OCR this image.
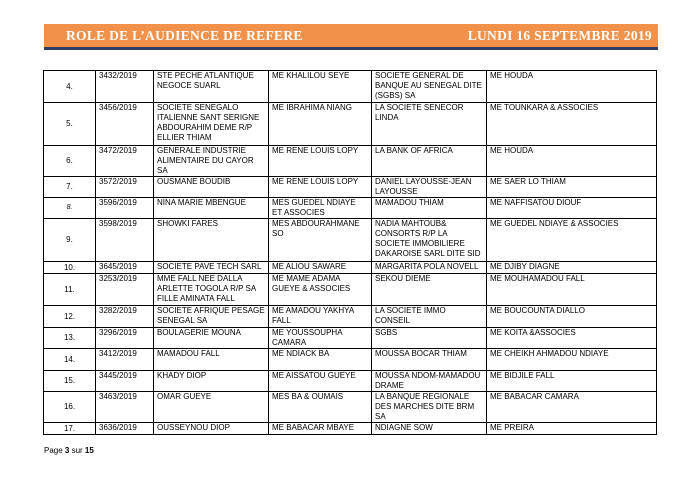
ROLE DE L’AUDIENCE DE REFERE	LUNDI 16 SEPTEMBRE 2019
4.	3432/2019	STE PECHE ATLANTIQUE NEGOCE SUARL	ME KHALILOU SEYE	SOCIETE GENERAL DE BANQUE AU SENEGAL DITE (SGBS) SA	ME HOUDA
5.	3456/2019	SOCIETE SENEGALO ITALIENNE SANT SERIGNE ABDOURAHIM DEME R/P ELLIER THIAM	ME IBRAHIMA NIANG	LA SOCIETE SENECOR LINDA	ME TOUNKARA & ASSOCIES
6.	3472/2019	GENERALE INDUSTRIE ALIMENTAIRE DU CAYOR SA	ME RENE LOUIS LOPY	LA BANK OF AFRICA	ME HOUDA
7.	3572/2019	OUSMANE BOUDIB	ME RENE LOUIS LOPY	DANIEL LAYOUSSE-JEAN LAYOUSSE	ME SAER LO THIAM
8.	3596/2019	NINA MARIE MBENGUE	MES GUEDEL NDIAYE ET ASSOCIES	MAMADOU THIAM	ME NAFFISATOU DIOUF
9.	3598/2019	SHOWKI FARES	MES ABDOURAHMANE SO	NADIA MAHTOUB& CONSORTS R/P LA SOCIETE IMMOBILIERE DAKAROISE SARL DITE SID	ME GUEDEL NDIAYE & ASSOCIES
10.	3645/2019	SOCIETE PAVE TECH SARL	ME ALIOU SAWARE	MARGARITA POLA NOVELL	ME DJIBY DIAGNE
11.	3253/2019	MME FALL NEE DALLA ARLETTE TOGOLA R/P SA FILLE AMINATA FALL	ME MAME ADAMA GUEYE & ASSOCIES	SEKOU DIEME	ME MOUHAMADOU FALL
12.	3282/2019	SOCIETE AFRIQUE PESAGE SENEGAL SA	ME AMADOU YAKHYA FALL	LA SOCIETE IMMO CONSEIL	ME BOUCOUNTA DIALLO
13.	3296/2019	BOULAGERIE MOUNA	ME YOUSSOUPHA CAMARA	SGBS	ME KOITA &ASSOCIES
14.	3412/2019	MAMADOU FALL	ME NDIACK BA	MOUSSA BOCAR THIAM	ME CHEIKH AHMADOU NDIAYE
15.	3445/2019	KHADY DIOP	ME AISSATOU GUEYE	MOUSSA NDOM-MAMADOU DRAME	ME BIDJILE FALL
16.	3463/2019	OMAR GUEYE	MES BA & OUMAIS	LA BANQUE REGIONALE DES MARCHES DITE BRM SA	ME BABACAR CAMARA
17.	3636/2019	OUSSEYNOU DIOP	ME BABACAR MBAYE	NDIAGNE SOW	ME PREIRA
Page 3 sur 15
